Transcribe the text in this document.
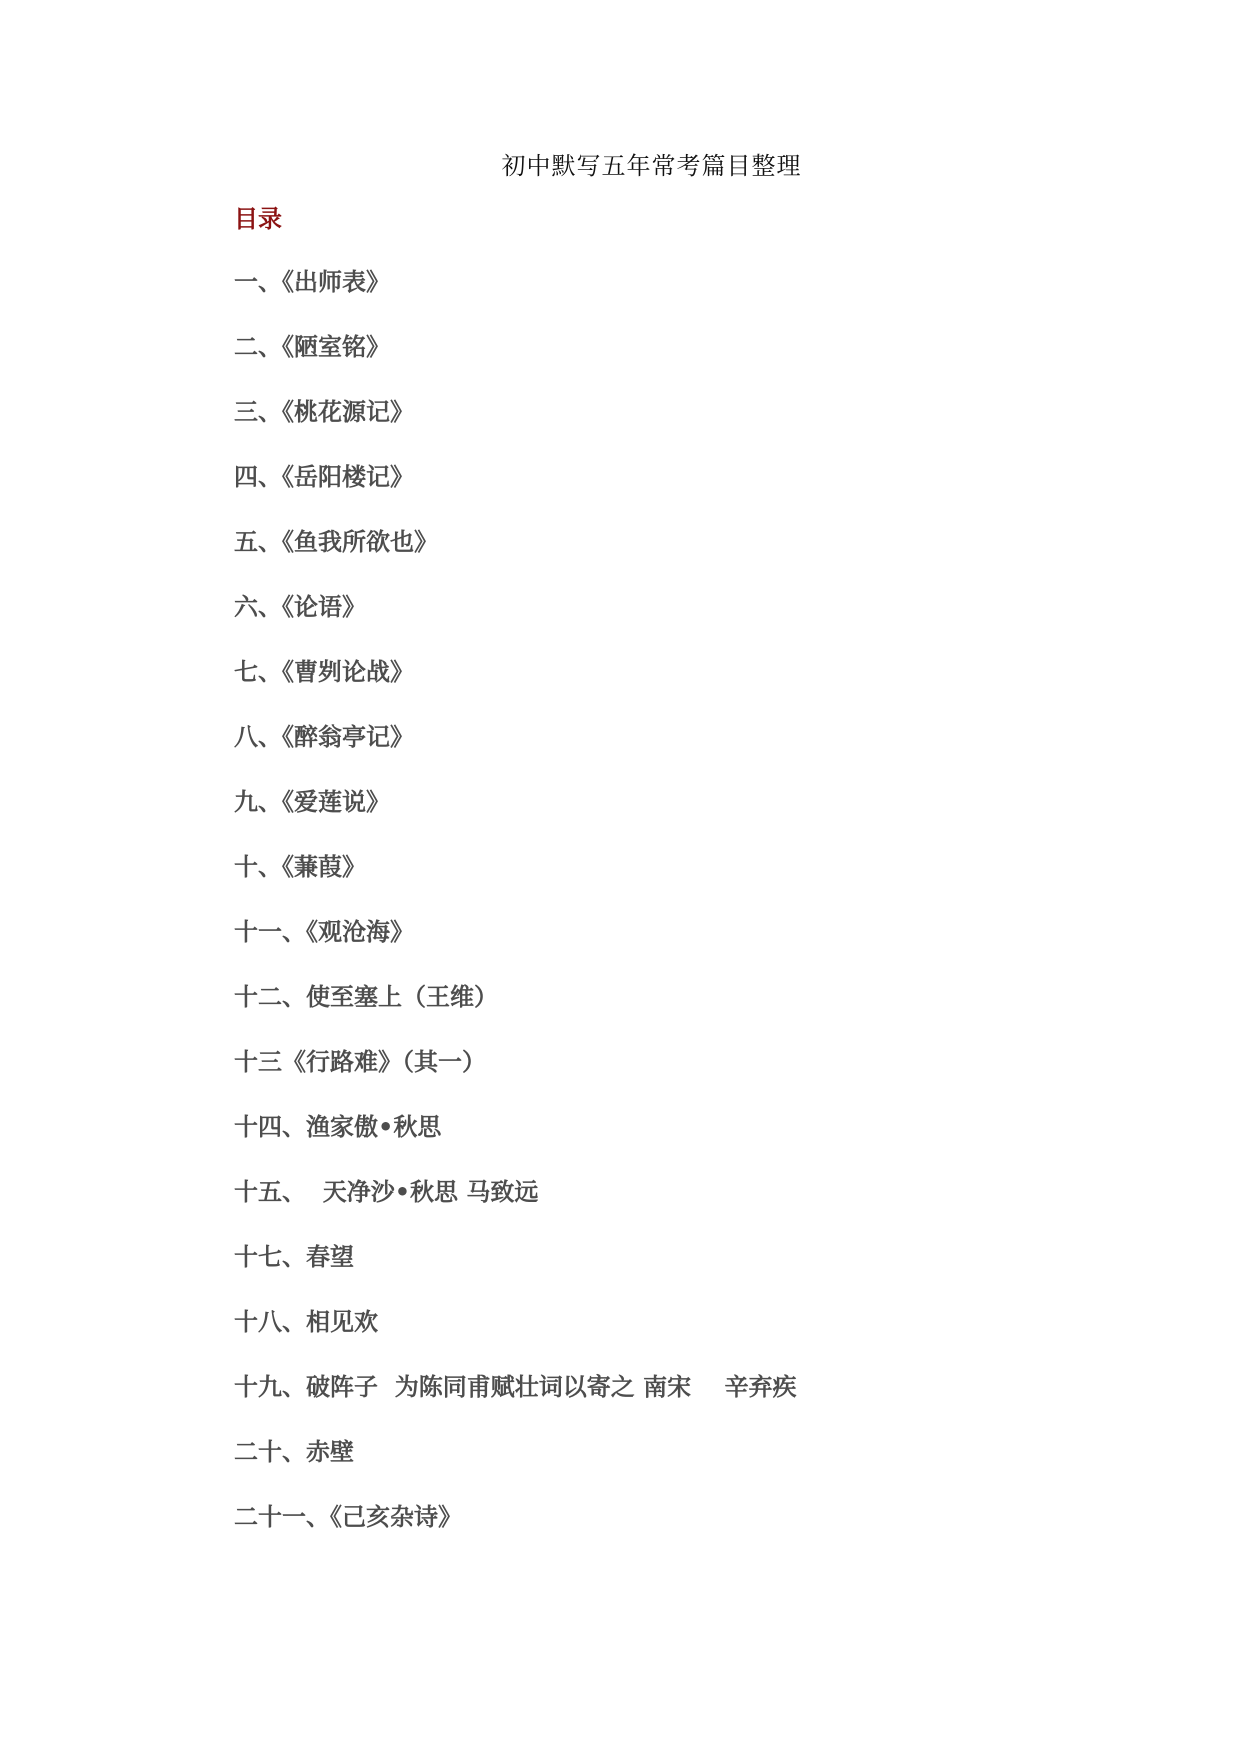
初中默写五年常考篇目整理
目录
一、《出师表》
二、《陋室铭》
三、《桃花源记》
四、《岳阳楼记》
五、《鱼我所欲也》
六、《论语》
七、《曹刿论战》
八、《醉翁亭记》
九、《爱莲说》
十、《蒹葭》
十一、《观沧海》
十二、使至塞上（王维）
十三《行路难》（其一）
十四、渔家傲•秋思
十五、  天净沙•秋思 马致远
十七、春望
十八、相见欢
十九、破阵子  为陈同甫赋壮词以寄之 南宋    辛弃疾
二十、赤壁
二十一、《己亥杂诗》
